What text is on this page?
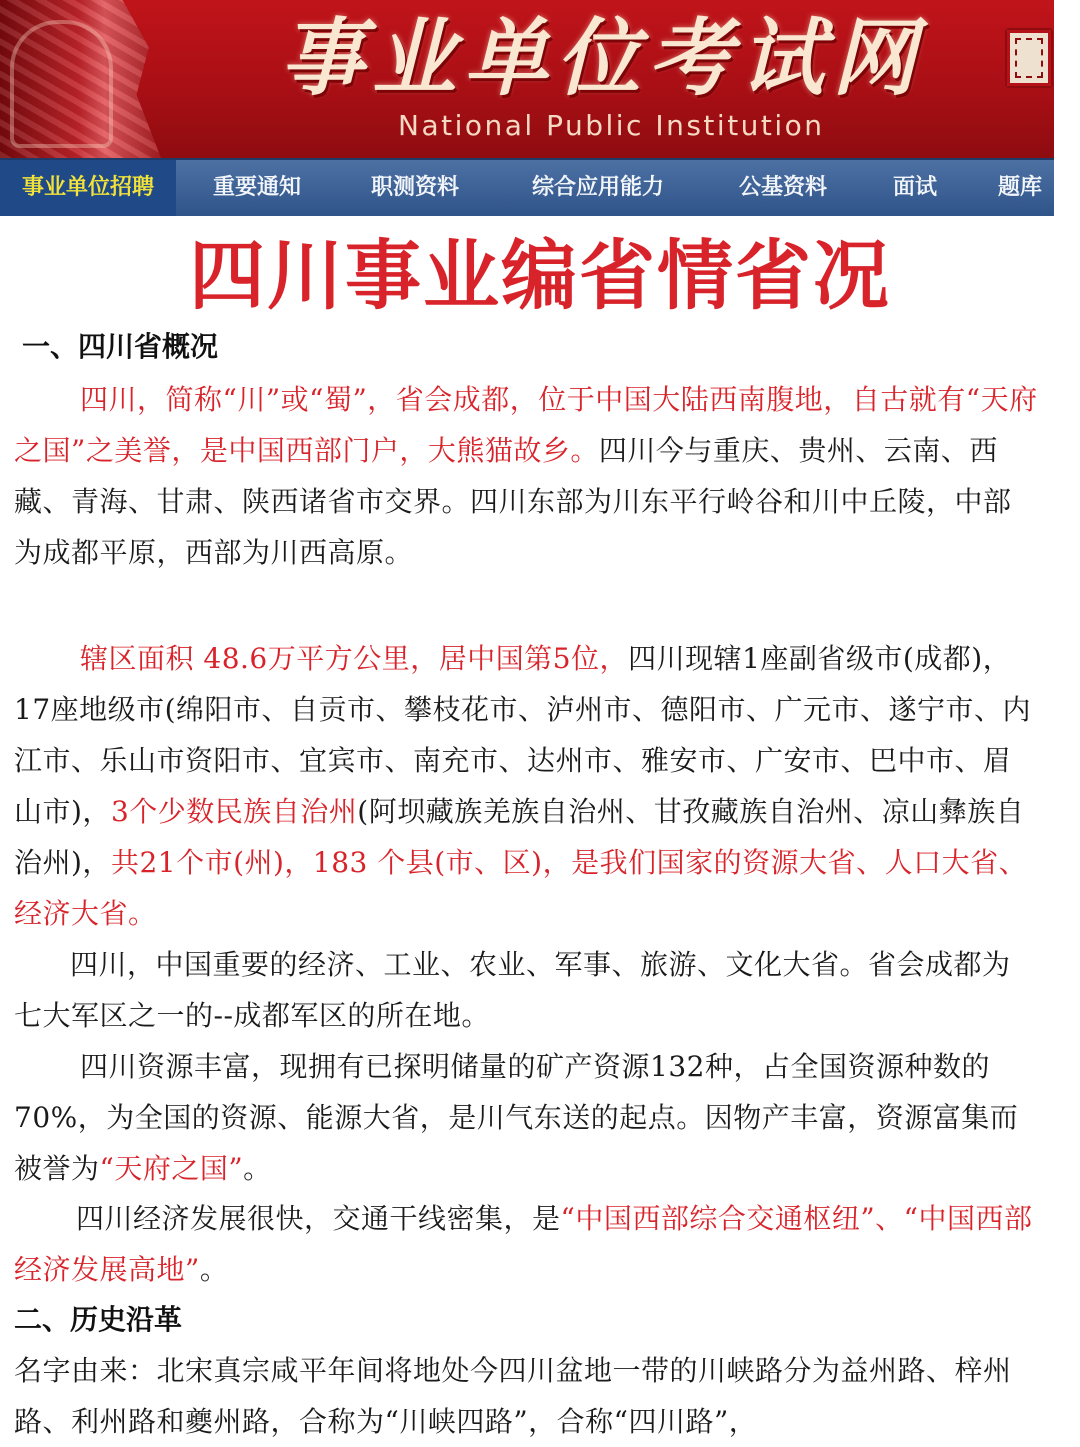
事业单位考试网
National Public Institution
事业单位招聘	重要通知	职测资料	综合应用能力	公基资料	面试	题库
四川事业编省情省况
一、四川省概况
四川，简称“川”或“蜀”，省会成都，位于中国大陆西南腹地，自古就有“天府之国”之美誉，是中国西部门户，大熊猫故乡。四川今与重庆、贵州、云南、西藏、青海、甘肃、陕西诸省市交界。四川东部为川东平行岭谷和川中丘陵，中部为成都平原，西部为川西高原。
辖区面积 48.6万平方公里，居中国第5位，四川现辖1座副省级市(成都)，17座地级市(绵阳市、自贡市、攀枝花市、泸州市、德阳市、广元市、遂宁市、内江市、乐山市资阳市、宜宾市、南充市、达州市、雅安市、广安市、巴中市、眉山市)，3个少数民族自治州(阿坝藏族羌族自治州、甘孜藏族自治州、凉山彝族自治州)，共21个市(州)，183 个县(市、区)，是我们国家的资源大省、人口大省、经济大省。
四川，中国重要的经济、工业、农业、军事、旅游、文化大省。省会成都为七大军区之一的--成都军区的所在地。
四川资源丰富，现拥有已探明储量的矿产资源132种，占全国资源种数的70%，为全国的资源、能源大省，是川气东送的起点。因物产丰富，资源富集而被誉为“天府之国”。
四川经济发展很快，交通干线密集，是“中国西部综合交通枢纽”、“中国西部经济发展高地”。
二、历史沿革
名字由来：北宋真宗咸平年间将地处今四川盆地一带的川峡路分为益州路、梓州路、利州路和夔州路，合称为“川峡四路”，合称“四川路”，
